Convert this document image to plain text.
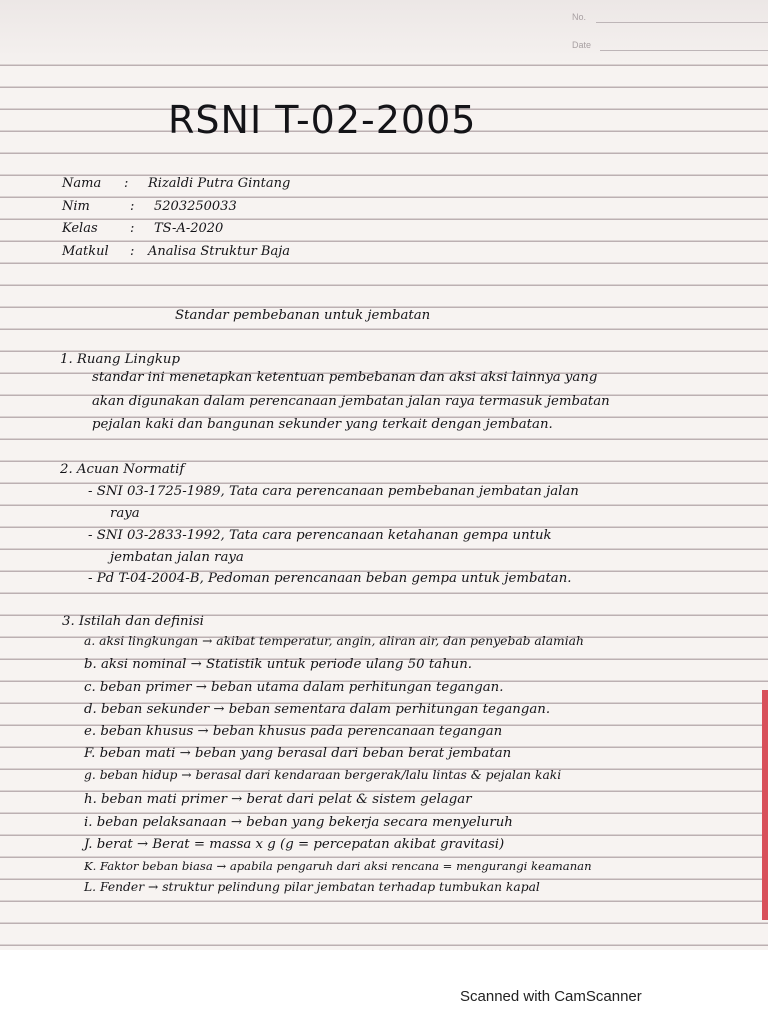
No.
Date
RSNI T-02-2005
Nama : Rizaldi Putra Gintang
Nim	: 5203250033
Kelas : TS-A-2020
Matkul : Analisa Struktur Baja
Standar pembebanan untuk jembatan
1. Ruang Lingkup
standar ini menetapkan ketentuan pembebanan dan aksi aksi lainnya yang
akan digunakan dalam perencanaan jembatan jalan raya termasuk jembatan
pejalan kaki dan bangunan sekunder yang terkait dengan jembatan.
2. Acuan Normatif
- SNI 03-1725-1989, Tata cara perencanaan pembebanan jembatan jalan
raya
- SNI 03-2833-1992, Tata cara perencanaan ketahanan gempa untuk
jembatan jalan raya
- Pd T-04-2004-B, Pedoman perencanaan beban gempa untuk jembatan.
3. Istilah dan definisi
a. aksi lingkungan → akibat temperatur, angin, aliran air, dan penyebab alamiah
b. aksi nominal → Statistik untuk periode ulang 50 tahun.
c. beban primer → beban utama dalam perhitungan tegangan.
d. beban sekunder → beban sementara dalam perhitungan tegangan.
e. beban khusus → beban khusus pada perencanaan tegangan
F. beban mati → beban yang berasal dari beban berat jembatan
g. beban hidup → berasal dari kendaraan bergerak/lalu lintas & pejalan kaki
h. beban mati primer → berat dari pelat & sistem gelagar
i. beban pelaksanaan → beban yang bekerja secara menyeluruh
J. berat → Berat = massa x g (g = percepatan akibat gravitasi)
K. Faktor beban biasa → apabila pengaruh dari aksi rencana = mengurangi keamanan
L. Fender → struktur pelindung pilar jembatan terhadap tumbukan kapal
Scanned with CamScanner
